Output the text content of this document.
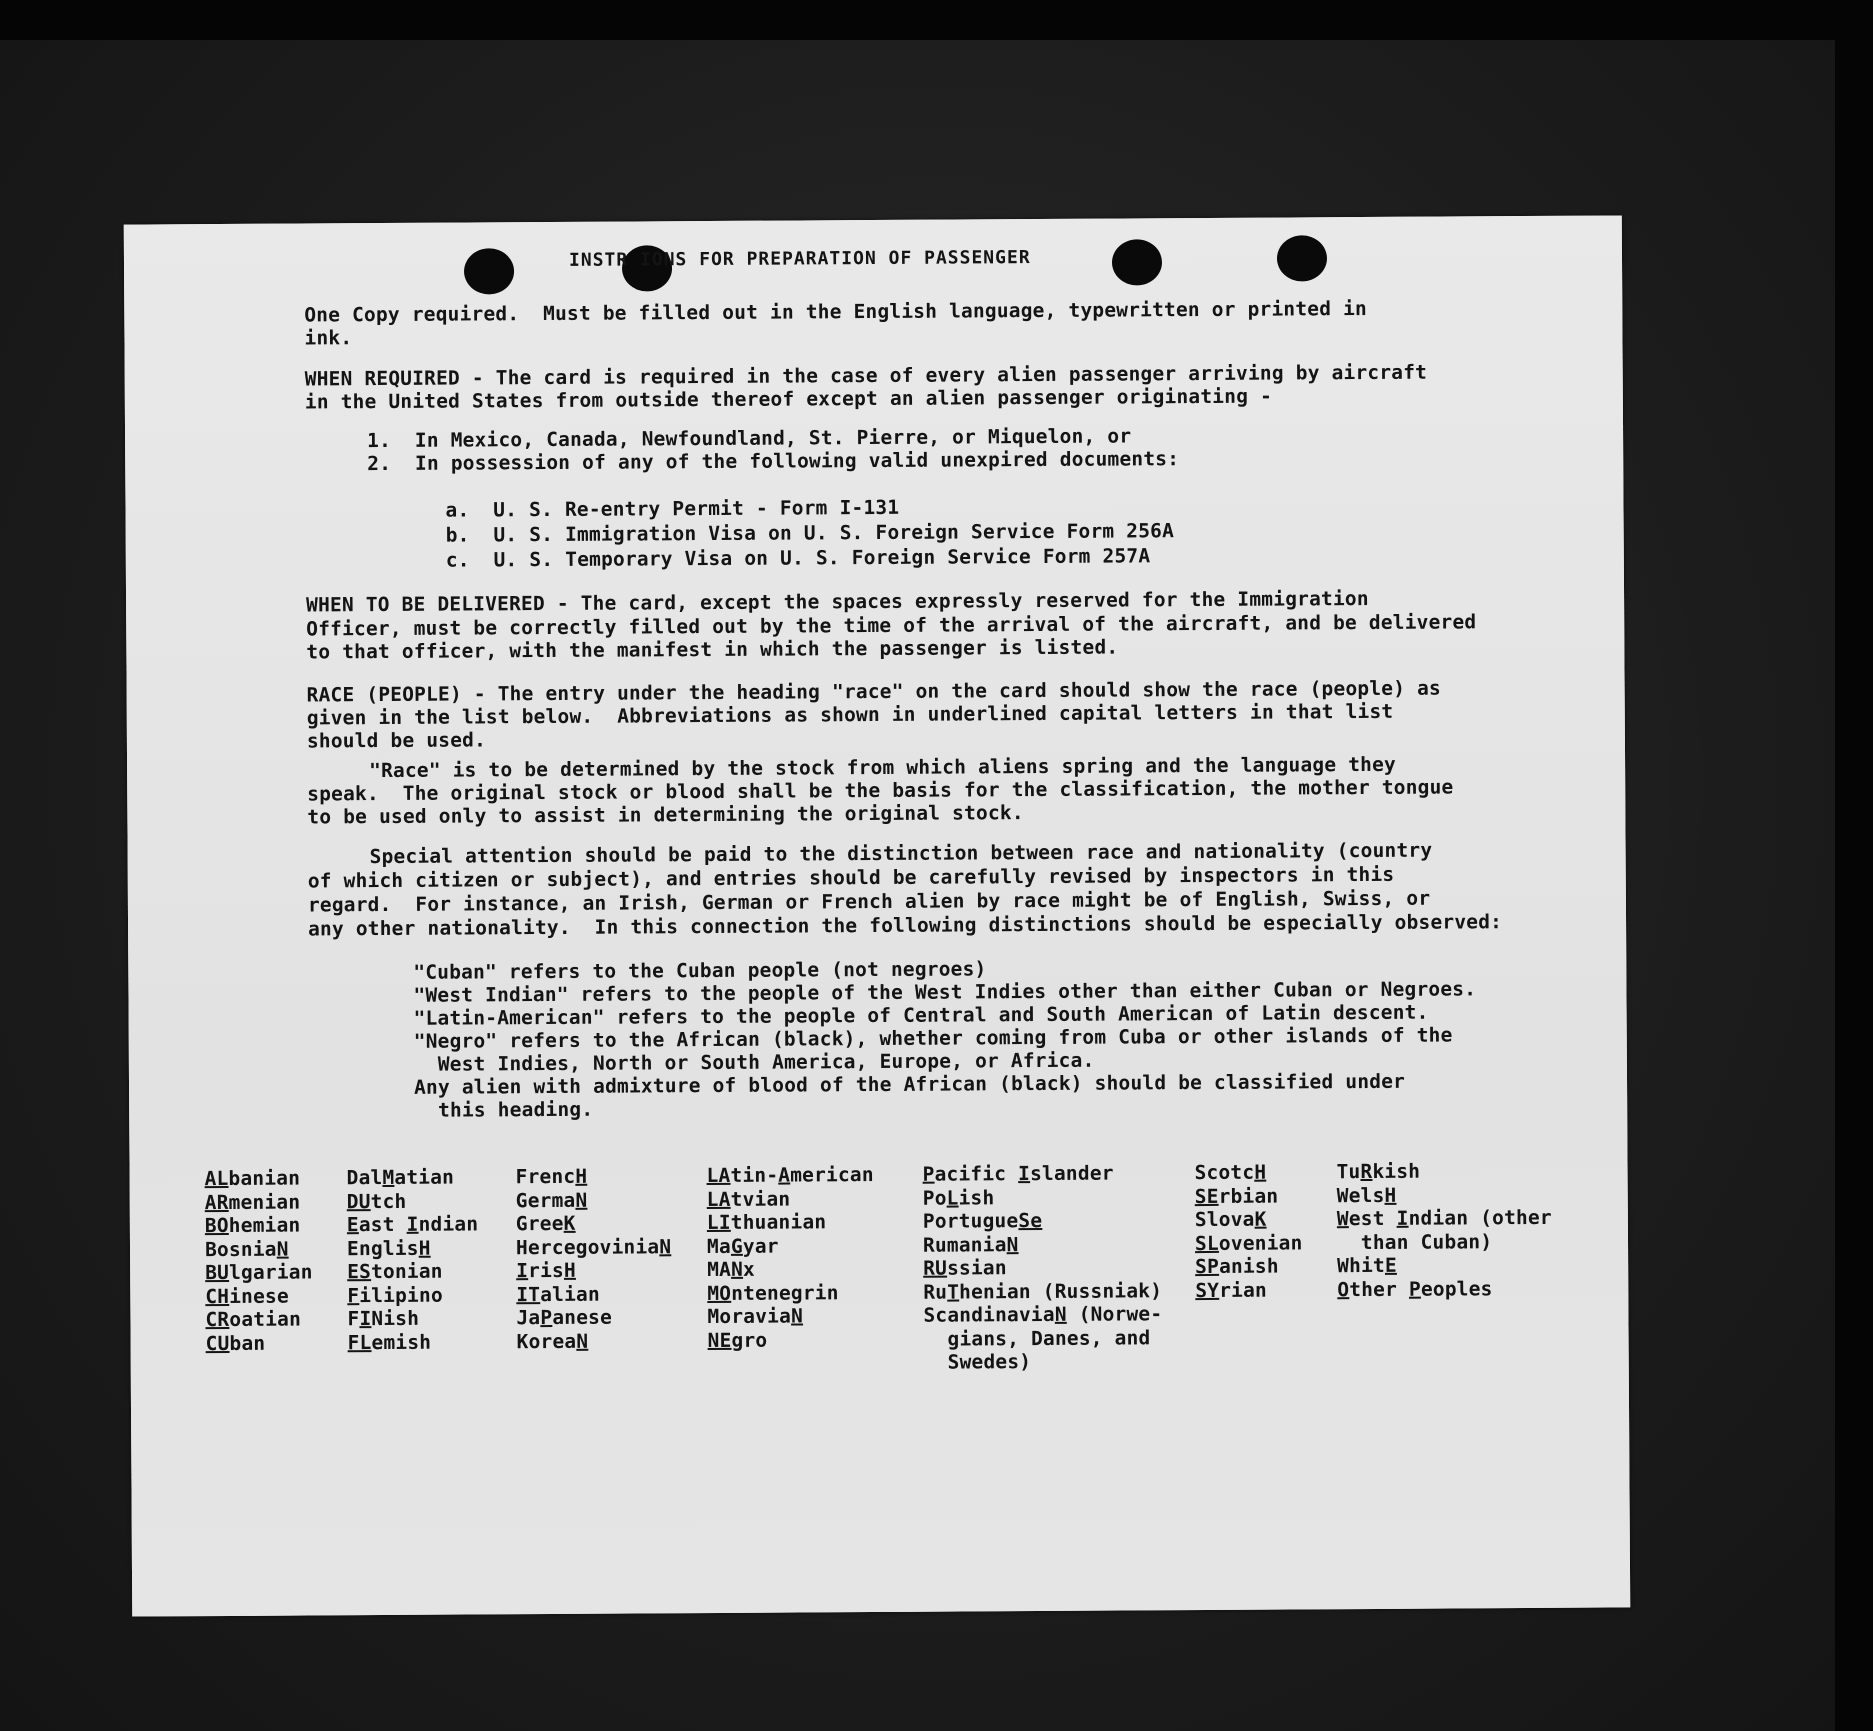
INSTR IONS FOR PREPARATION OF PASSENGER
One Copy required.  Must be filled out in the English language, typewritten or printed in
ink.
WHEN REQUIRED - The card is required in the case of every alien passenger arriving by aircraft
in the United States from outside thereof except an alien passenger originating -
1.  In Mexico, Canada, Newfoundland, St. Pierre, or Miquelon, or
2.  In possession of any of the following valid unexpired documents:
a.  U. S. Re-entry Permit - Form I-131
b.  U. S. Immigration Visa on U. S. Foreign Service Form 256A
c.  U. S. Temporary Visa on U. S. Foreign Service Form 257A
WHEN TO BE DELIVERED - The card, except the spaces expressly reserved for the Immigration
Officer, must be correctly filled out by the time of the arrival of the aircraft, and be delivered
to that officer, with the manifest in which the passenger is listed.
RACE (PEOPLE) - The entry under the heading "race" on the card should show the race (people) as
given in the list below.  Abbreviations as shown in underlined capital letters in that list
should be used.
"Race" is to be determined by the stock from which aliens spring and the language they
speak.  The original stock or blood shall be the basis for the classification, the mother tongue
to be used only to assist in determining the original stock.
Special attention should be paid to the distinction between race and nationality (country
of which citizen or subject), and entries should be carefully revised by inspectors in this
regard.  For instance, an Irish, German or French alien by race might be of English, Swiss, or
any other nationality.  In this connection the following distinctions should be especially observed:
"Cuban" refers to the Cuban people (not negroes)
"West Indian" refers to the people of the West Indies other than either Cuban or Negroes.
"Latin-American" refers to the people of Central and South American of Latin descent.
"Negro" refers to the African (black), whether coming from Cuba or other islands of the
West Indies, North or South America, Europe, or Africa.
Any alien with admixture of blood of the African (black) should be classified under
this heading.
ALbanian
ARmenian
BOhemian
BosniaN
BUlgarian
CHinese
CRoatian
CUban
DalMatian
DUtch
East Indian
EnglisH
EStonian
Filipino
FINish
FLemish
FrencH
GermaN
GreeK
HercegoviniaN
IrisH
ITalian
JaPanese
KoreaN
LAtin-American
LAtvian
LIthuanian
MaGyar
MANx
MOntenegrin
MoraviaN
NEgro
Pacific Islander
PoLish
PortugueSe
RumaniaN
RUssian
RuThenian (Russniak)
ScandinaviaN (Norwe-
gians, Danes, and
Swedes)
ScotcH
SErbian
SlovaK
SLovenian
SPanish
SYrian
TuRkish
WelsH
West Indian (other
than Cuban)
WhitE
Other Peoples
